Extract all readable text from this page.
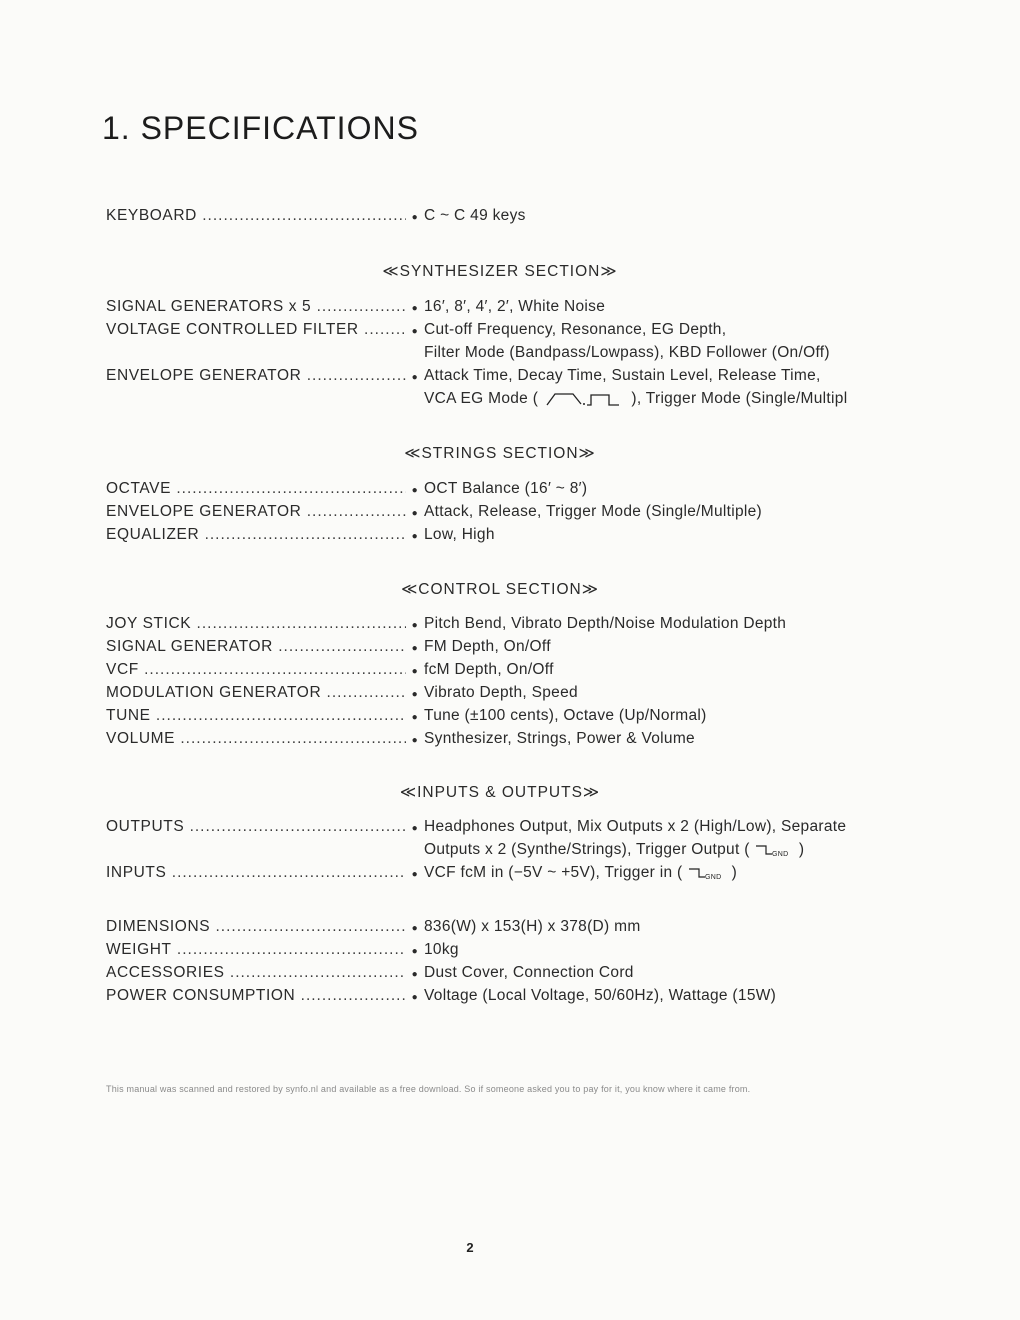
1. SPECIFICATIONS
KEYBOARD .....	● C ~ C 49 keys
≪SYNTHESIZER SECTION≫
SIGNAL GENERATORS x 5 .....	● 16′, 8′, 4′, 2′, White Noise
VOLTAGE CONTROLLED FILTER .....	● Cut-off Frequency, Resonance, EG Depth,
Filter Mode (Bandpass/Lowpass), KBD Follower (On/Off)
ENVELOPE GENERATOR .....	● Attack Time, Decay Time, Sustain Level, Release Time,
VCA EG Mode (	), Trigger Mode (Single/Multipl
≪STRINGS SECTION≫
OCTAVE .....	● OCT Balance (16′ ~ 8′)
ENVELOPE GENERATOR .....	● Attack, Release, Trigger Mode (Single/Multiple)
EQUALIZER .....	● Low, High
≪CONTROL SECTION≫
JOY STICK .....	● Pitch Bend, Vibrato Depth/Noise Modulation Depth
SIGNAL GENERATOR .....	● FM Depth, On/Off
VCF .....	● fcM Depth, On/Off
MODULATION GENERATOR .....	● Vibrato Depth, Speed
TUNE .....	● Tune (±100 cents), Octave (Up/Normal)
VOLUME .....	● Synthesizer, Strings, Power & Volume
≪INPUTS & OUTPUTS≫
OUTPUTS .....	● Headphones Output, Mix Outputs x 2 (High/Low), Separate
Outputs x 2 (Synthe/Strings), Trigger Output (	GND )
INPUTS .....	● VCF fcM in (−5V ~ +5V), Trigger in (	GND )
DIMENSIONS .....	● 836(W) x 153(H) x 378(D) mm
WEIGHT .....	● 10kg
ACCESSORIES .....	● Dust Cover, Connection Cord
POWER CONSUMPTION .....	● Voltage (Local Voltage, 50/60Hz), Wattage (15W)
This manual was scanned and restored by synfo.nl and available as a free download. So if someone asked you to pay for it, you know where it came from.
2
